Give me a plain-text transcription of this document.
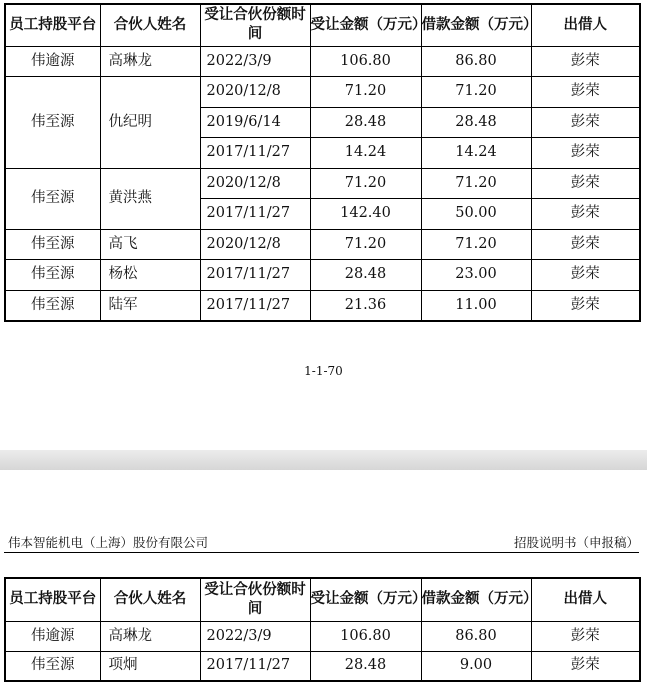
员工持股平台	合伙人姓名	受让合伙份额时间	受让金额（万元）	借款金额（万元）	出借人
伟逾源	高琳龙	2022/3/9	106.80	86.80	彭荣
伟至源	仇纪明	2020/12/8	71.20	71.20	彭荣
		2019/6/14	28.48	28.48	彭荣
		2017/11/27	14.24	14.24	彭荣
伟至源	黄洪燕	2020/12/8	71.20	71.20	彭荣
		2017/11/27	142.40	50.00	彭荣
伟至源	高飞	2020/12/8	71.20	71.20	彭荣
伟至源	杨松	2017/11/27	28.48	23.00	彭荣
伟至源	陆军	2017/11/27	21.36	11.00	彭荣
1-1-70
伟本智能机电（上海）股份有限公司	招股说明书（申报稿）
员工持股平台	合伙人姓名	受让合伙份额时间	受让金额（万元）	借款金额（万元）	出借人
伟逾源	高琳龙	2022/3/9	106.80	86.80	彭荣
伟至源	项炯	2017/11/27	28.48	9.00	彭荣
